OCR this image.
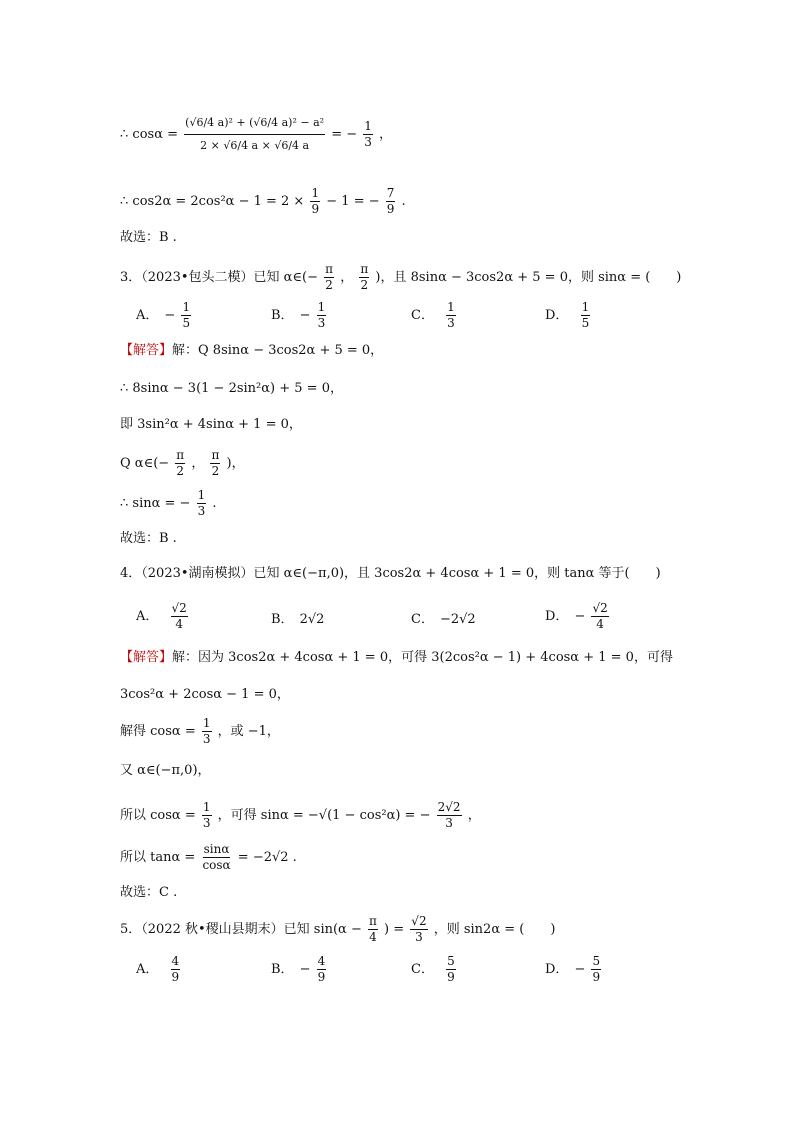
∴ $\cos\alpha = \frac{\text{(√6/4 a)² + (√6/4 a)² − a²}}{2 \times √6/4 a \times √6/4 a}$ = − $\frac{1}{3}$ ，
∴ $\cos 2\alpha = 2\cos^2\alpha - 1 = 2 \times \frac{1}{9} - 1$ = − $\frac{7}{9}$ .
故选：B .
3．（2023•包头二模）已知 α∈(− $\frac{\pi}{2}$ ， $\frac{\pi}{2}$ )，且 8sinα − 3cos2α + 5 = 0，则 sinα = (　　)
A． − $\frac{1}{5}$	B． − $\frac{1}{3}$	C． $\frac{1}{3}$	D． $\frac{1}{5}$
【解答】解：Q 8sinα − 3cos2α + 5 = 0，
∴ 8sinα − 3(1 − 2sin²α) + 5 = 0，
即 3sin²α + 4sinα + 1 = 0，
Q α∈(− $\frac{\pi}{2}$ ， $\frac{\pi}{2}$ )，
∴ sinα = − $\frac{1}{3}$ .
故选：B .
4．（2023•湖南模拟）已知 α∈(−π,0)，且 3cos2α + 4cosα + 1 = 0，则 tanα 等于(　　)
A． $\frac{√2}{4}$	B． 2√2	C． −2√2	D． − $\frac{√2}{4}$
【解答】解：因为 3cos2α + 4cosα + 1 = 0，可得 3(2cos²α − 1) + 4cosα + 1 = 0，可得
3cos²α + 2cosα − 1 = 0，
解得 $\cos\alpha = \frac{1}{3}$ ，或 −1，
又 α∈(−π,0)，
所以 $\cos\alpha = \frac{1}{3}$ ，可得 sinα = −√(1 − cos²α) = − $\frac{2√2}{3}$ ，
所以 $\tan\alpha = \frac{\sin\alpha}{\cos\alpha} = -2√2$ .
故选：C .
5．（2022 秋•稷山县期末）已知 $\sin(\alpha - \frac{\pi}{4}$ ) = $\frac{√2}{3}$ ，则 sin2α = (　　)
A． $\frac{4}{9}$	B． − $\frac{4}{9}$	C． $\frac{5}{9}$	D． − $\frac{5}{9}$
